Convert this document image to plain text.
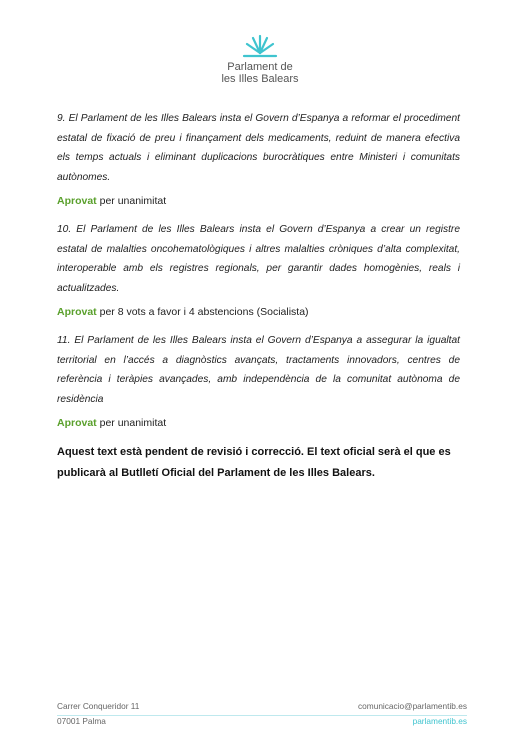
Parlament de
les Illes Balears

9. El Parlament de les Illes Balears insta el Govern d’Espanya a reformar el procediment estatal de fixació de preu i finançament dels medicaments, reduint de manera efectiva els temps actuals i eliminant duplicacions burocràtiques entre Ministeri i comunitats autònomes.

Aprovat per unanimitat

10. El Parlament de les Illes Balears insta el Govern d’Espanya a crear un registre estatal de malalties oncohematològiques i altres malalties cròniques d’alta complexitat, interoperable amb els registres regionals, per garantir dades homogènies, reals i actualitzades.

Aprovat per 8 vots a favor i 4 abstencions (Socialista)

11. El Parlament de les Illes Balears insta el Govern d’Espanya a assegurar la igualtat territorial en l’accés a diagnòstics avançats, tractaments innovadors, centres de referència i teràpies avançades, amb independència de la comunitat autònoma de residència

Aprovat per unanimitat

Aquest text està pendent de revisió i correcció. El text oficial serà el que es publicarà al Butlletí Oficial del Parlament de les Illes Balears.

Carrer Conqueridor 11	comunicacio@parlamentib.es
07001 Palma	parlamentib.es
